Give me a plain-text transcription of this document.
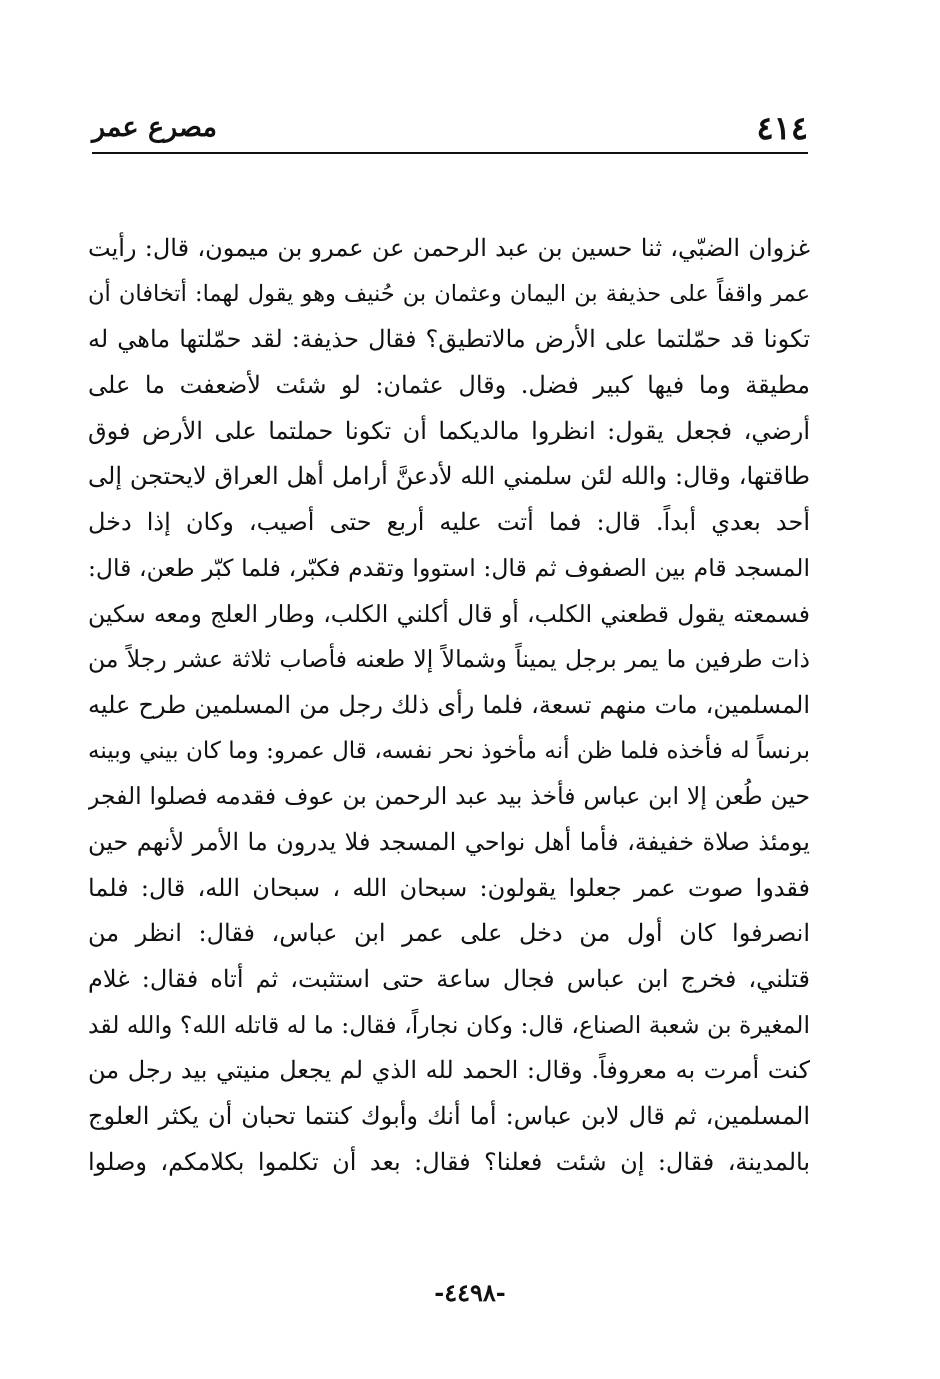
٤١٤
مصرع عمر
غزوان الضبّي، ثنا حسين بن عبد الرحمن عن عمرو بن ميمون، قال: رأيت
عمر واقفاً على حذيفة بن اليمان وعثمان بن حُنيف وهو يقول لهما: أتخافان أن
تكونا قد حمّلتما على الأرض مالاتطيق؟ فقال حذيفة: لقد حمّلتها ماهي له
مطيقة وما فيها كبير فضل. وقال عثمان: لو شئت لأضعفت ما على
أرضي، فجعل يقول: انظروا مالديكما أن تكونا حملتما على الأرض فوق
طاقتها، وقال: والله لئن سلمني الله لأدعنَّ أرامل أهل العراق لايحتجن إلى
أحد بعدي أبداً. قال: فما أتت عليه أربع حتى أصيب، وكان إذا دخل
المسجد قام بين الصفوف ثم قال: استووا وتقدم فكبّر، فلما كبّر طعن، قال:
فسمعته يقول قطعني الكلب، أو قال أكلني الكلب، وطار العلج ومعه سكين
ذات طرفين ما يمر برجل يميناً وشمالاً إلا طعنه فأصاب ثلاثة عشر رجلاً من
المسلمين، مات منهم تسعة، فلما رأى ذلك رجل من المسلمين طرح عليه
برنساً له فأخذه فلما ظن أنه مأخوذ نحر نفسه، قال عمرو: وما كان بيني وبينه
حين طُعن إلا ابن عباس فأخذ بيد عبد الرحمن بن عوف فقدمه فصلوا الفجر
يومئذ صلاة خفيفة، فأما أهل نواحي المسجد فلا يدرون ما الأمر لأنهم حين
فقدوا صوت عمر جعلوا يقولون: سبحان الله ، سبحان الله، قال: فلما
انصرفوا كان أول من دخل على عمر ابن عباس، فقال: انظر من
قتلني، فخرج ابن عباس فجال ساعة حتى استثبت، ثم أتاه فقال: غلام
المغيرة بن شعبة الصناع، قال: وكان نجاراً، فقال: ما له قاتله الله؟ والله لقد
كنت أمرت به معروفاً. وقال: الحمد لله الذي لم يجعل منيتي بيد رجل من
المسلمين، ثم قال لابن عباس: أما أنك وأبوك كنتما تحبان أن يكثر العلوج
بالمدينة، فقال: إن شئت فعلنا؟ فقال: بعد أن تكلموا بكلامكم، وصلوا
-٤٤٩٨-
